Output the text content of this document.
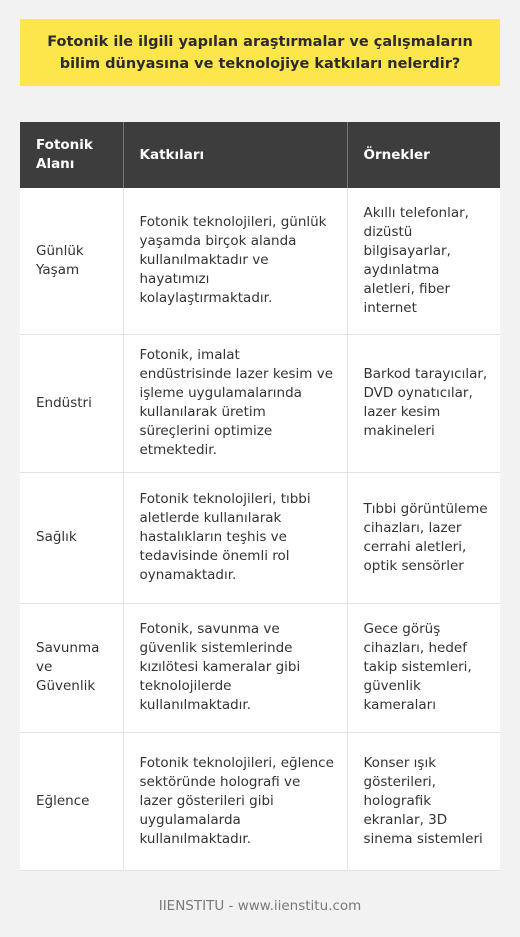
Fotonik ile ilgili yapılan araştırmalar ve çalışmaların bilim dünyasına ve teknolojiye katkıları nelerdir?
Fotonik Alanı	Katkıları	Örnekler
Günlük Yaşam	Fotonik teknolojileri, günlük yaşamda birçok alanda kullanılmaktadır ve hayatımızı kolaylaştırmaktadır.	Akıllı telefonlar, dizüstü bilgisayarlar, aydınlatma aletleri, fiber internet
Endüstri	Fotonik, imalat endüstrisinde lazer kesim ve işleme uygulamalarında kullanılarak üretim süreçlerini optimize etmektedir.	Barkod tarayıcılar, DVD oynatıcılar, lazer kesim makineleri
Sağlık	Fotonik teknolojileri, tıbbi aletlerde kullanılarak hastalıkların teşhis ve tedavisinde önemli rol oynamaktadır.	Tıbbi görüntüleme cihazları, lazer cerrahi aletleri, optik sensörler
Savunma ve Güvenlik	Fotonik, savunma ve güvenlik sistemlerinde kızılötesi kameralar gibi teknolojilerde kullanılmaktadır.	Gece görüş cihazları, hedef takip sistemleri, güvenlik kameraları
Eğlence	Fotonik teknolojileri, eğlence sektöründe holografi ve lazer gösterileri gibi uygulamalarda kullanılmaktadır.	Konser ışık gösterileri, holografik ekranlar, 3D sinema sistemleri
IIENSTITU - www.iienstitu.com
